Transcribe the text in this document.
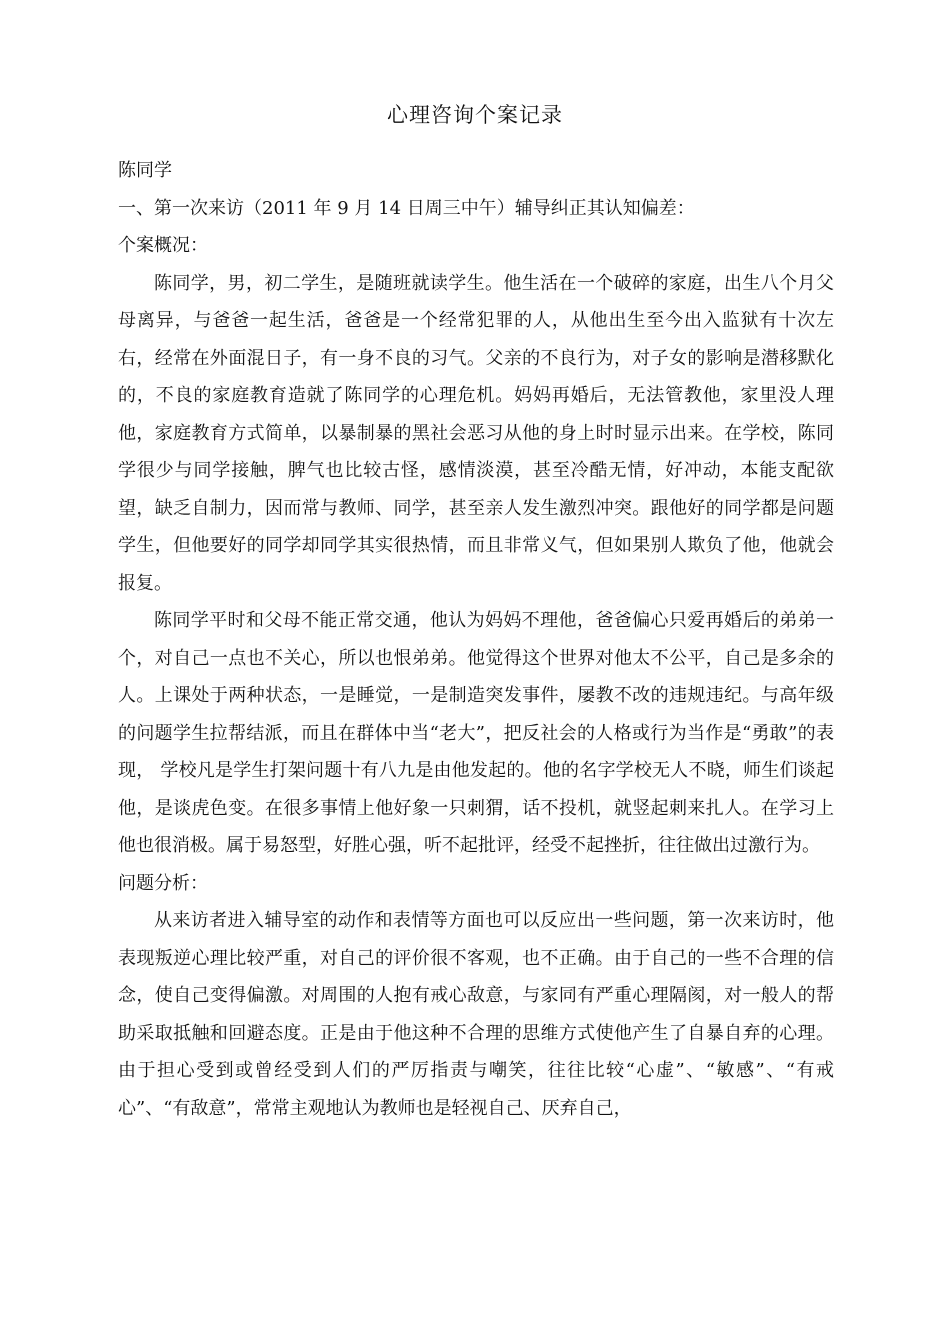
心理咨询个案记录

陈同学

一、第一次来访（2011 年 9 月 14 日周三中午）辅导纠正其认知偏差：

个案概况：

陈同学，男，初二学生，是随班就读学生。他生活在一个破碎的家庭，出生八个月父母离异，与爸爸一起生活，爸爸是一个经常犯罪的人，从他出生至今出入监狱有十次左右，经常在外面混日子，有一身不良的习气。父亲的不良行为，对子女的影响是潜移默化的，不良的家庭教育造就了陈同学的心理危机。妈妈再婚后，无法管教他，家里没人理他，家庭教育方式简单，以暴制暴的黑社会恶习从他的身上时时显示出来。在学校，陈同学很少与同学接触，脾气也比较古怪，感情淡漠，甚至冷酷无情，好冲动，本能支配欲望，缺乏自制力，因而常与教师、同学，甚至亲人发生激烈冲突。跟他好的同学都是问题学生，但他要好的同学却同学其实很热情，而且非常义气，但如果别人欺负了他，他就会报复。

陈同学平时和父母不能正常交通，他认为妈妈不理他，爸爸偏心只爱再婚后的弟弟一个，对自己一点也不关心，所以也恨弟弟。他觉得这个世界对他太不公平，自己是多余的人。上课处于两种状态，一是睡觉，一是制造突发事件，屡教不改的违规违纪。与高年级的问题学生拉帮结派，而且在群体中当“老大”，把反社会的人格或行为当作是“勇敢”的表现， 学校凡是学生打架问题十有八九是由他发起的。他的名字学校无人不晓，师生们谈起他，是谈虎色变。在很多事情上他好象一只刺猬，话不投机，就竖起刺来扎人。在学习上他也很消极。属于易怒型，好胜心强，听不起批评，经受不起挫折，往往做出过激行为。

问题分析：

从来访者进入辅导室的动作和表情等方面也可以反应出一些问题，第一次来访时，他表现叛逆心理比较严重，对自己的评价很不客观，也不正确。由于自己的一些不合理的信念，使自己变得偏激。对周围的人抱有戒心敌意，与家同有严重心理隔阂，对一般人的帮助采取抵触和回避态度。正是由于他这种不合理的思维方式使他产生了自暴自弃的心理。由于担心受到或曾经受到人们的严厉指责与嘲笑，往往比较“心虚”、“敏感”、“有戒心”、“有敌意”，常常主观地认为教师也是轻视自己、厌弃自己，
